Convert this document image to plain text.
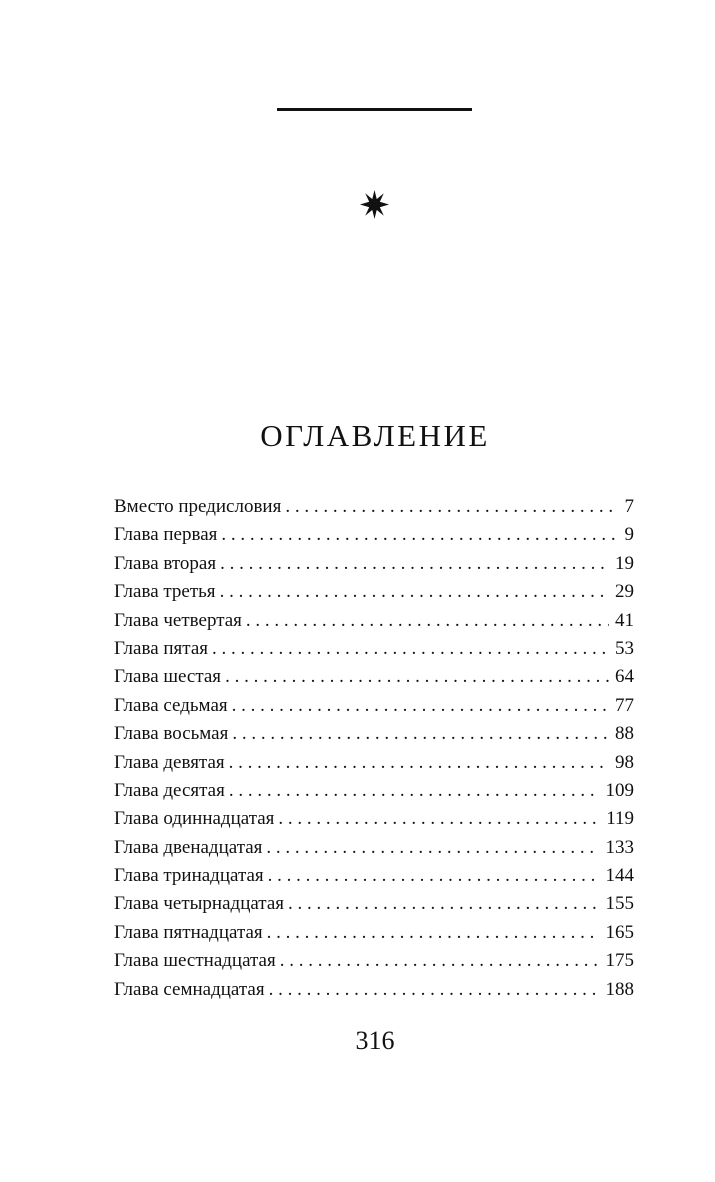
ОГЛАВЛЕНИЕ
Вместо предисловия . . .	7
Глава первая . . .	9
Глава вторая . . .	19
Глава третья . . .	29
Глава четвертая . . .	41
Глава пятая . . .	53
Глава шестая . . .	64
Глава седьмая . . .	77
Глава восьмая . . .	88
Глава девятая . . .	98
Глава десятая . . .	109
Глава одиннадцатая . . .	119
Глава двенадцатая . . .	133
Глава тринадцатая . . .	144
Глава четырнадцатая . . .	155
Глава пятнадцатая . . .	165
Глава шестнадцатая . . .	175
Глава семнадцатая . . .	188
316
